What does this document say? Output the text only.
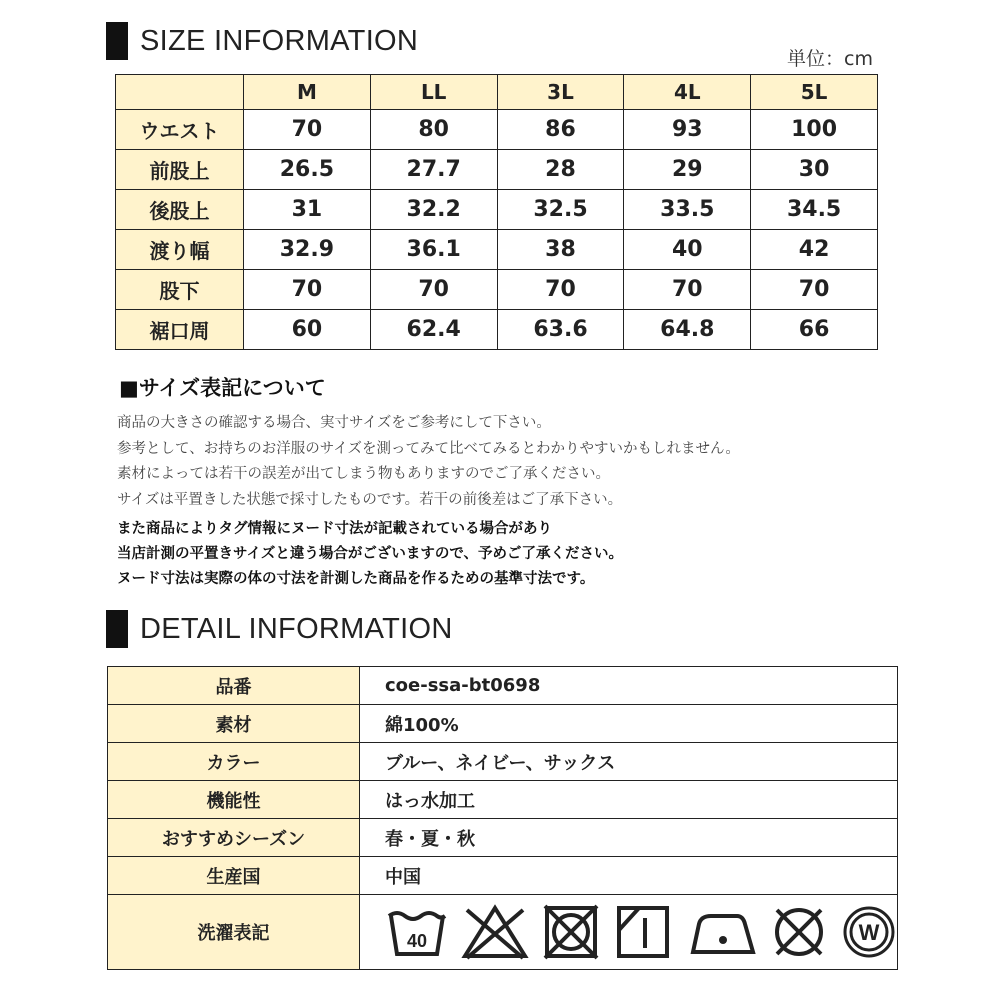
SIZE INFORMATION
単位：cm
	M	LL	3L	4L	5L
ウエスト	70	80	86	93	100
前股上	26.5	27.7	28	29	30
後股上	31	32.2	32.5	33.5	34.5
渡り幅	32.9	36.1	38	40	42
股下	70	70	70	70	70
裾口周	60	62.4	63.6	64.8	66
■サイズ表記について
商品の大きさの確認する場合、実寸サイズをご参考にして下さい。
参考として、お持ちのお洋服のサイズを測ってみて比べてみるとわかりやすいかもしれません。
素材によっては若干の誤差が出てしまう物もありますのでご了承ください。
サイズは平置きした状態で採寸したものです。若干の前後差はご了承下さい。
また商品によりタグ情報にヌード寸法が記載されている場合があり
当店計測の平置きサイズと違う場合がございますので、予めご了承ください。
ヌード寸法は実際の体の寸法を計測した商品を作るための基準寸法です。
DETAIL INFORMATION
品番	coe-ssa-bt0698
素材	綿100%
カラー	ブルー、ネイビー、サックス
機能性	はっ水加工
おすすめシーズン	春・夏・秋
生産国	中国
洗濯表記	40 W
